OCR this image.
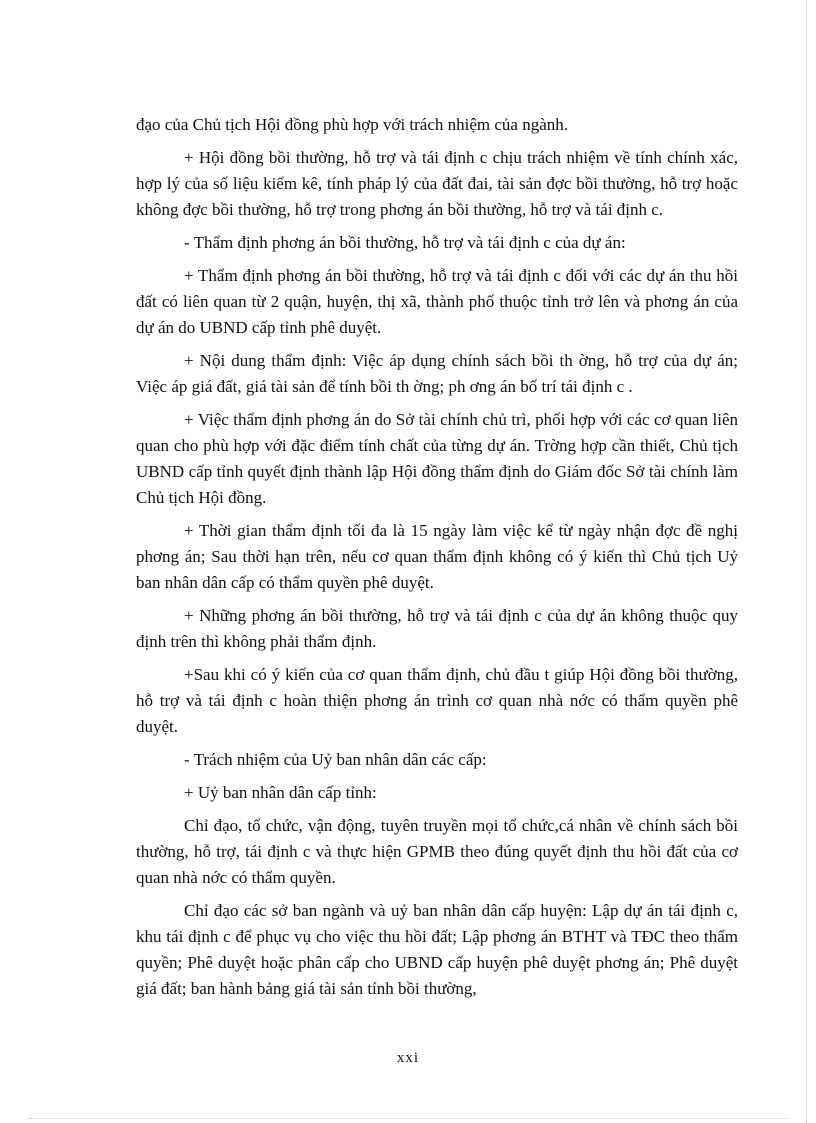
đạo của Chủ tịch Hội đồng phù hợp với trách nhiệm của ngành.

+ Hội đồng bồi thường, hỗ trợ và tái định c chịu trách nhiệm về tính chính xác, hợp lý của số liệu kiểm kê, tính pháp lý của đất đai, tài sản đợc bồi thường, hỗ trợ hoặc không đợc bồi thường, hỗ trợ trong phơng án bồi thường, hỗ trợ và tái định c.

- Thẩm định phơng án bồi thường, hỗ trợ và tái định c của dự án:

+ Thẩm định phơng án bồi thường, hỗ trợ và tái định c đối với các dự án thu hồi đất có liên quan từ 2 quận, huyện, thị xã, thành phố thuộc tỉnh trở lên và phơng án của dự án do UBND cấp tỉnh phê duyệt.

+ Nội dung thẩm định: Việc áp dụng chính sách bồi th ờng, hỗ trợ của dự án; Việc áp giá đất, giá tài sản để tính bồi th ờng; ph ơng án bố trí tái định c .

+ Việc thẩm định phơng án do Sở tài chính chủ trì, phối hợp với các cơ quan liên quan cho phù hợp với đặc điểm tính chất của từng dự án. Trờng hợp cần thiết, Chủ tịch UBND cấp tỉnh quyết định thành lập Hội đồng thẩm định do Giám đốc Sở tài chính làm Chủ tịch Hội đồng.

+ Thời gian thẩm định tối đa là 15 ngày làm việc kể từ ngày nhận đợc đề nghị phơng án; Sau thời hạn trên, nếu cơ quan thẩm định không có ý kiến thì Chủ tịch Uỷ ban nhân dân cấp có thẩm quyền phê duyệt.

+ Những phơng án bồi thường, hỗ trợ và tái định c của dự án không thuộc quy định trên thì không phải thẩm định.

+Sau khi có ý kiến của cơ quan thẩm định, chủ đầu t giúp Hội đồng bồi thường, hỗ trợ và tái định c hoàn thiện phơng án trình cơ quan nhà nớc có thẩm quyền phê duyệt.

- Trách nhiệm của Uỷ ban nhân dân các cấp:

+ Uỷ ban nhân dân cấp tỉnh:

Chỉ đạo, tổ chức, vận động, tuyên truyền mọi tổ chức,cá nhân về chính sách bồi thường, hỗ trợ, tái định c và thực hiện GPMB theo đúng quyết định thu hồi đất của cơ quan nhà nớc có thẩm quyền.

Chỉ đạo các sở ban ngành và uỷ ban nhân dân cấp huyện: Lập dự án tái định c, khu tái định c để phục vụ cho việc thu hồi đất; Lập phơng án BTHT và TĐC theo thẩm quyền; Phê duyệt hoặc phân cấp cho UBND cấp huyện phê duyệt phơng án; Phê duyệt giá đất; ban hành bảng giá tài sản tính bồi thường,

xxi
